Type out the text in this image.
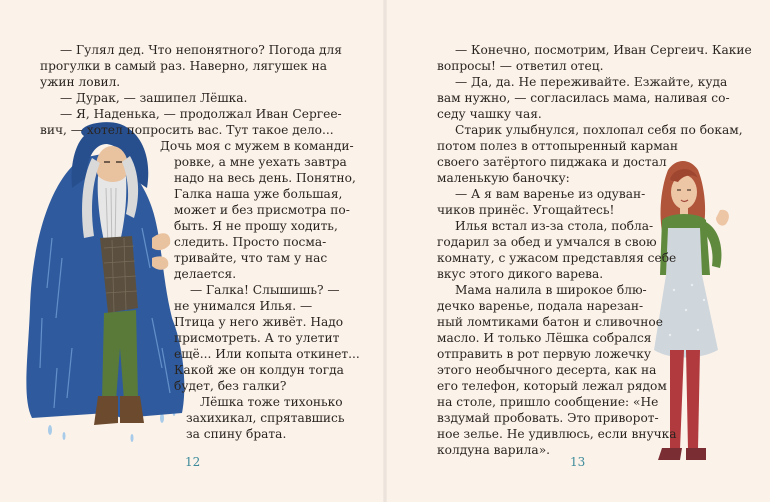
— Гулял дед. Что непонятного? Погода для
прогулки в самый раз. Наверно, лягушек на
ужин ловил.
— Дурак, — зашипел Лёшка.
— Я, Наденька, — продолжал Иван Сергее-
вич, — хотел попросить вас. Тут такое дело...
Дочь моя с мужем в команди-
ровке, а мне уехать завтра
надо на весь день. Понятно,
Галка наша уже большая,
может и без присмотра по-
быть. Я не прошу ходить,
следить. Просто посма-
тривайте, что там у нас
делается.
— Галка! Слышишь? —
не унимался Илья. —
Птица у него живёт. Надо
присмотреть. А то улетит
ещё... Или копыта откинет...
Какой же он колдун тогда
будет, без галки?
Лёшка тоже тихонько
захихикал, спрятавшись
за спину брата.
12
— Конечно, посмотрим, Иван Сергеич. Какие
вопросы! — ответил отец.
— Да, да. Не переживайте. Езжайте, куда
вам нужно, — согласилась мама, наливая со-
седу чашку чая.
Старик улыбнулся, похлопал себя по бокам,
потом полез в оттопыренный карман
своего затёртого пиджака и достал
маленькую баночку:
— А я вам варенье из одуван-
чиков принёс. Угощайтесь!
Илья встал из-за стола, побла-
годарил за обед и умчался в свою
комнату, с ужасом представляя себе
вкус этого дикого варева.
Мама налила в широкое блю-
дечко варенье, подала нарезан-
ный ломтиками батон и сливочное
масло. И только Лёшка собрался
отправить в рот первую ложечку
этого необычного десерта, как на
его телефон, который лежал рядом
на столе, пришло сообщение: «Не
вздумай пробовать. Это приворот-
ное зелье. Не удивлюсь, если внучка
колдуна варила».
13
